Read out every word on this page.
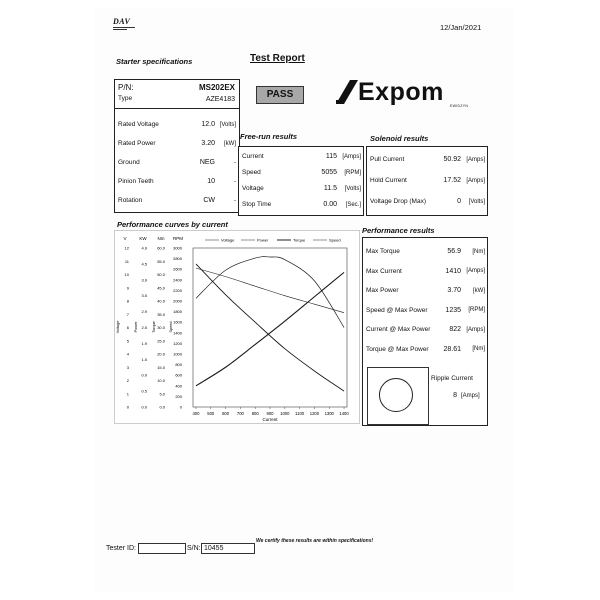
DAV
12/Jan/2021
Starter specifications	Test Report
PASS	Expom EWIDZYN
P/N:	MS202EX
Type	AZE4183
Rated Voltage	12.0 [Volts]
Rated Power	3.20 [kW]
Ground	NEG	-
Pinion Teeth	10	-
Rotation	CW	-
Free-run results
Current	115 [Amps]
Speed	5055 [RPM]
Voltage	11.5 [Volts]
Stop Time	0.00 [Sec.]
Solenoid results
Pull Current	50.92 [Amps]
Hold Current	17.52 [Amps]
Voltage Drop (Max)	0 [Volts]
Performance curves by current
Performance results
V	KW Nm RPM
12
11
10
9
8
7
6
5
4
3
2
1
0
4.9
4.5
3.9
3.5
2.9
2.5
1.9
1.5
0.9
0.5
0.0
60.0
55.0
50.0
45.0
40.0
35.0
30.0
25.0
20.0
15.0
10.0
5.0
0.0
3000
2800
2600
2400
2200
2000
1800
1600
1400
1200
1000
800
600
400
200
0
Voltage	Power	Torque	Speed
400 500 600 700 800 900 1000 1100 1200 1300 1400
Current
Voltage	Power	Torque	Speed
Max Torque	56.9 [Nm]
Max Current	1410 [Amps]
Max Power	3.70 [kW]
Speed @ Max Power	1235 [RPM]
Current @ Max Power	822 [Amps]
Torque @ Max Power 28.61 [Nm]
Ripple Current
8 [Amps]
We certify these results are within specifications!
Tester ID:	S/N: 10455
